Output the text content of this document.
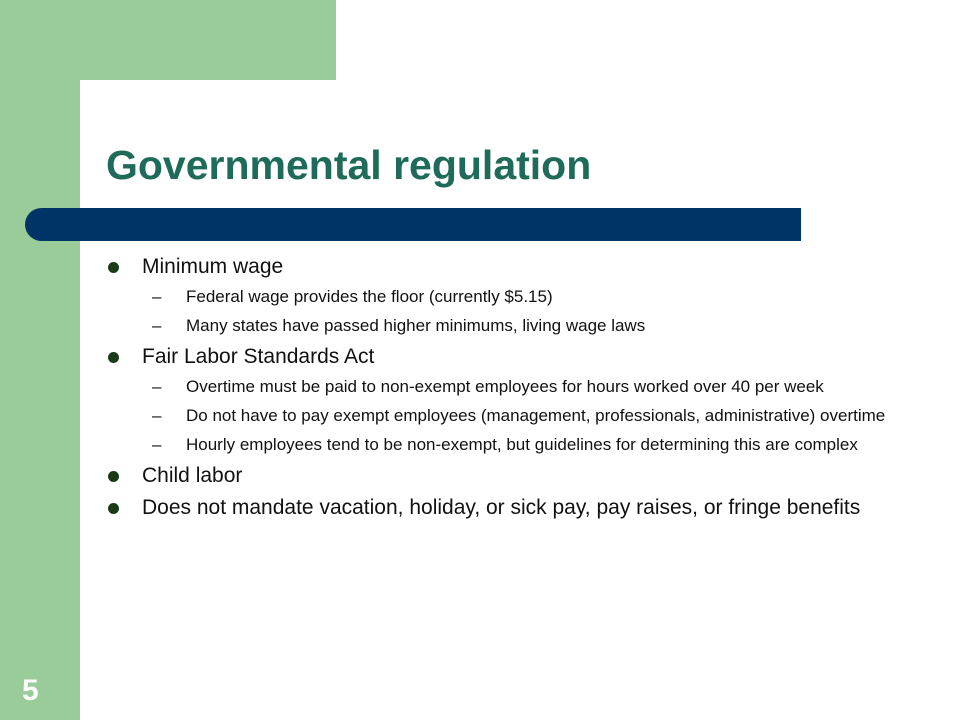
Governmental regulation
Minimum wage
– Federal wage provides the floor (currently $5.15)
– Many states have passed higher minimums, living wage laws
Fair Labor Standards Act
– Overtime must be paid to non-exempt employees for hours worked over 40 per week
– Do not have to pay exempt employees (management, professionals, administrative) overtime
– Hourly employees tend to be non-exempt, but guidelines for determining this are complex
Child labor
Does not mandate vacation, holiday, or sick pay, pay raises, or fringe benefits
5
